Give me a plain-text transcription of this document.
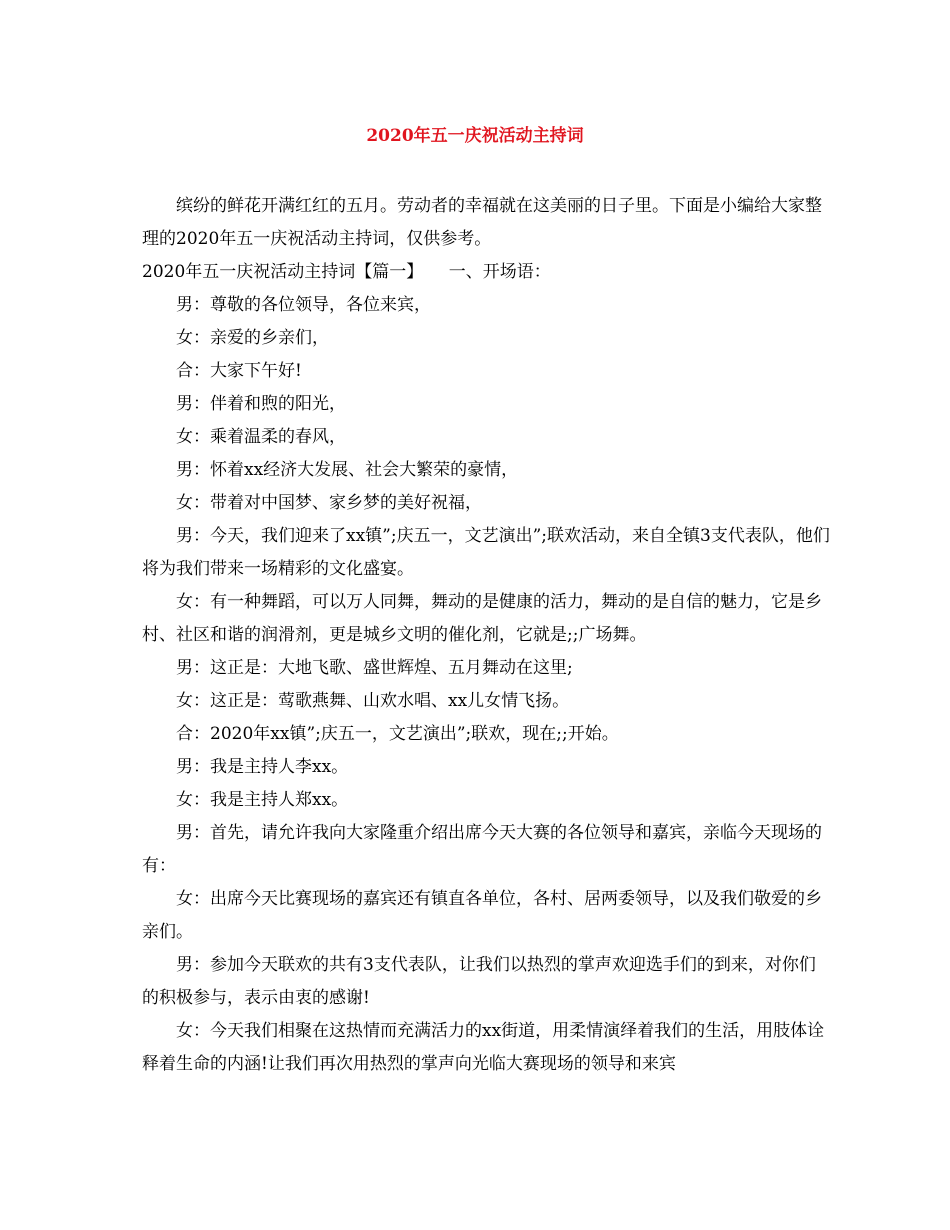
2020年五一庆祝活动主持词

缤纷的鲜花开满红红的五月。劳动者的幸福就在这美丽的日子里。下面是小编给大家整理的2020年五一庆祝活动主持词，仅供参考。

2020年五一庆祝活动主持词【篇一】　　一、开场语：

男：尊敬的各位领导，各位来宾，

女：亲爱的乡亲们，

合：大家下午好!

男：伴着和煦的阳光，

女：乘着温柔的春风，

男：怀着xx经济大发展、社会大繁荣的豪情，

女：带着对中国梦、家乡梦的美好祝福，

男：今天，我们迎来了xx镇”;庆五一，文艺演出”;联欢活动，来自全镇3支代表队，他们将为我们带来一场精彩的文化盛宴。

女：有一种舞蹈，可以万人同舞，舞动的是健康的活力，舞动的是自信的魅力，它是乡村、社区和谐的润滑剂，更是城乡文明的催化剂，它就是;;广场舞。

男：这正是：大地飞歌、盛世辉煌、五月舞动在这里;

女：这正是：莺歌燕舞、山欢水唱、xx儿女情飞扬。

合：2020年xx镇”;庆五一，文艺演出”;联欢，现在;;开始。

男：我是主持人李xx。

女：我是主持人郑xx。

男：首先，请允许我向大家隆重介绍出席今天大赛的各位领导和嘉宾，亲临今天现场的有：

女：出席今天比赛现场的嘉宾还有镇直各单位，各村、居两委领导，以及我们敬爱的乡亲们。

男：参加今天联欢的共有3支代表队，让我们以热烈的掌声欢迎选手们的到来，对你们的积极参与，表示由衷的感谢!

女：今天我们相聚在这热情而充满活力的xx街道，用柔情演绎着我们的生活，用肢体诠释着生命的内涵!让我们再次用热烈的掌声向光临大赛现场的领导和来宾
